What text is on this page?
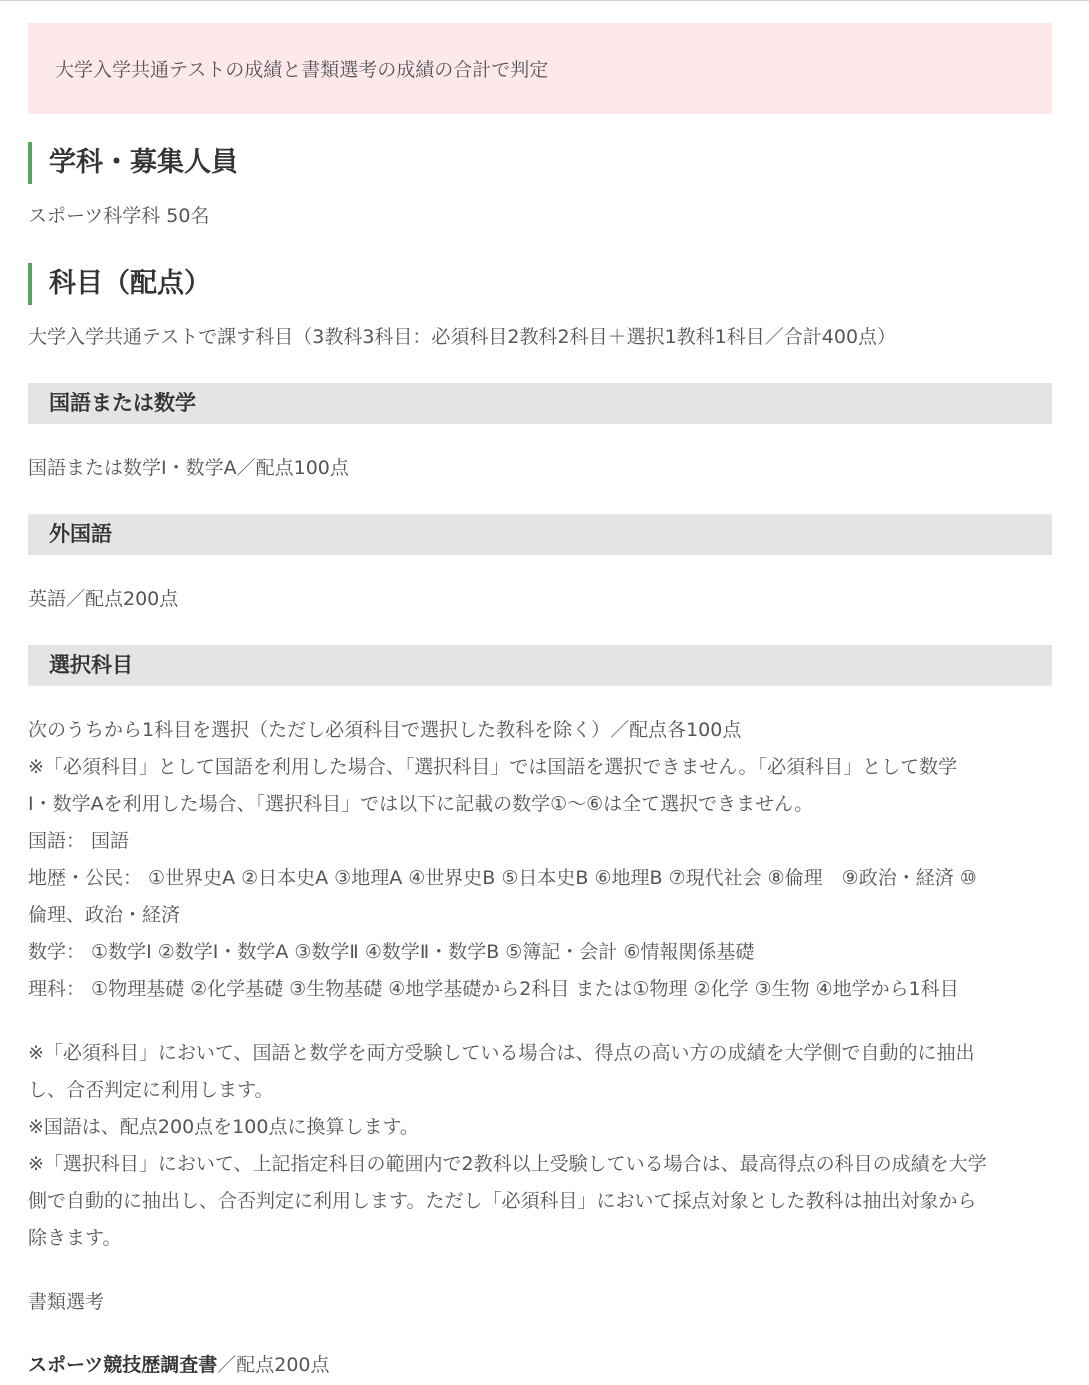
大学入学共通テストの成績と書類選考の成績の合計で判定
学科・募集人員
スポーツ科学科 50名
科目（配点）
大学入学共通テストで課す科目（3教科3科目：必須科目2教科2科目＋選択1教科1科目／合計400点）
国語または数学
国語または数学Ⅰ・数学A／配点100点
外国語
英語／配点200点
選択科目
次のうちから1科目を選択（ただし必須科目で選択した教科を除く）／配点各100点
※「必須科目」として国語を利用した場合、「選択科目」では国語を選択できません。「必須科目」として数学
Ⅰ・数学Aを利用した場合、「選択科目」では以下に記載の数学①～⑥は全て選択できません。
国語： 国語
地歴・公民： ①世界史A ②日本史A ③地理A ④世界史B ⑤日本史B ⑥地理B ⑦現代社会 ⑧倫理　⑨政治・経済 ⑩
倫理、政治・経済
数学： ①数学Ⅰ ②数学Ⅰ・数学A ③数学Ⅱ ④数学Ⅱ・数学B ⑤簿記・会計 ⑥情報関係基礎
理科： ①物理基礎 ②化学基礎 ③生物基礎 ④地学基礎から2科目 または①物理 ②化学 ③生物 ④地学から1科目
※「必須科目」において、国語と数学を両方受験している場合は、得点の高い方の成績を大学側で自動的に抽出
し、合否判定に利用します。
※国語は、配点200点を100点に換算します。
※「選択科目」において、上記指定科目の範囲内で2教科以上受験している場合は、最高得点の科目の成績を大学
側で自動的に抽出し、合否判定に利用します。ただし「必須科目」において採点対象とした教科は抽出対象から
除きます。
書類選考
スポーツ競技歴調査書／配点200点
